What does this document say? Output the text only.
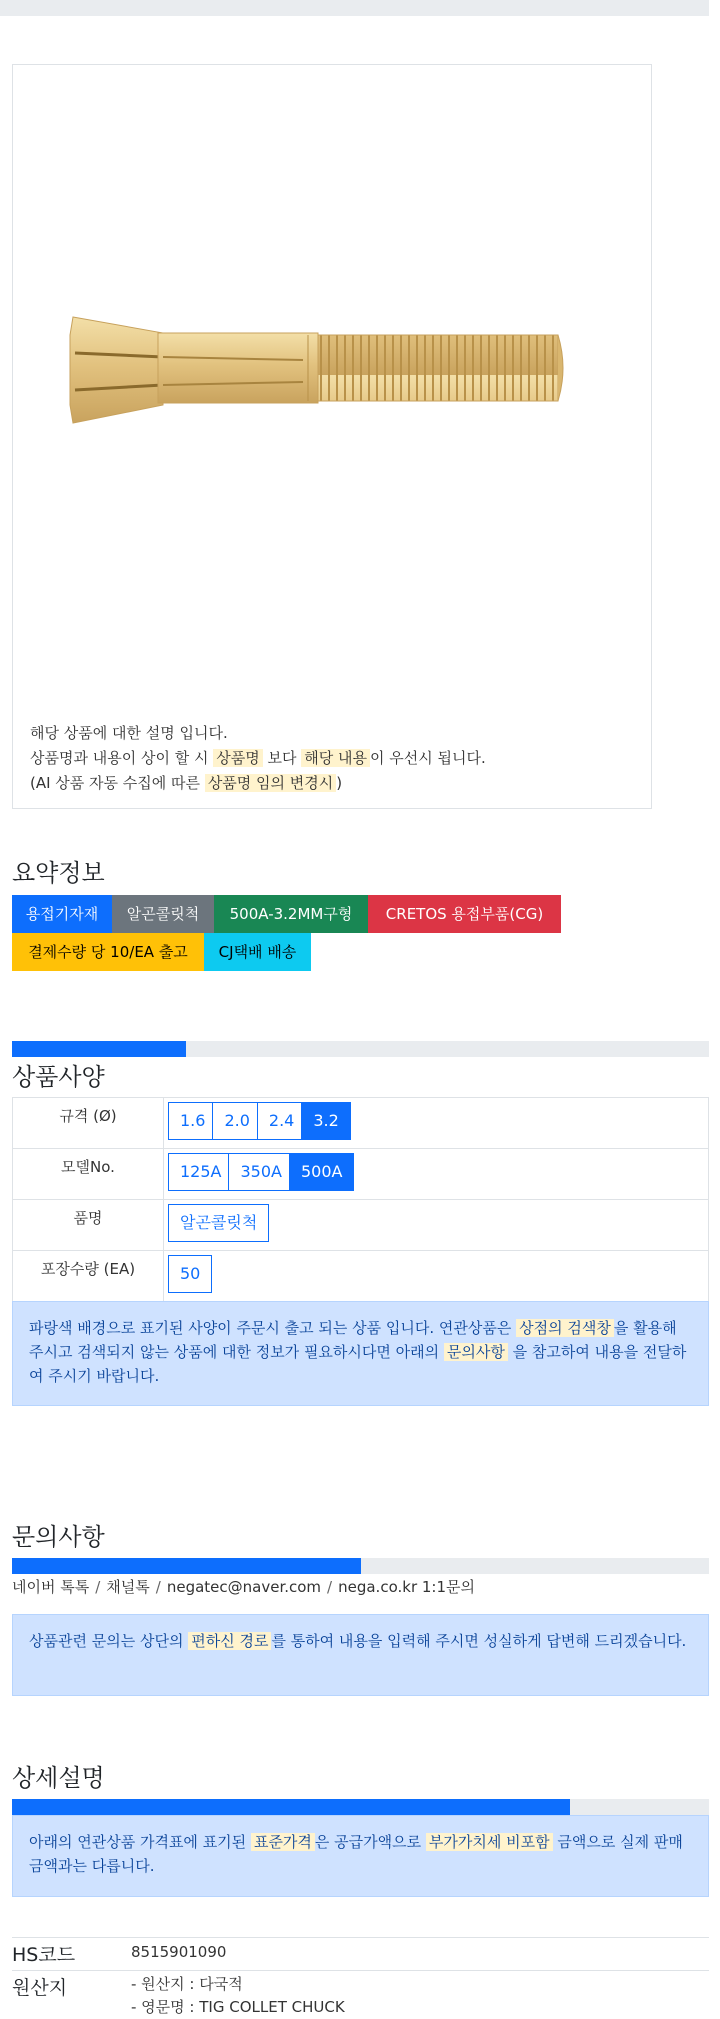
해당 상품에 대한 설명 입니다.
상품명과 내용이 상이 할 시 상품명 보다 해당 내용 이 우선시 됩니다.
(AI 상품 자동 수집에 따른 상품명 임의 변경시 )
요약정보
용접기자재	알곤콜릿척	500A-3.2MM구형	CRETOS 용접부품(CG)
결제수량 당 10/EA 출고	CJ택배 배송
상품사양
규격 (Ø)	1.6 2.0 2.4 3.2
모델No.	125A 350A 500A
품명	알곤콜릿척
포장수량 (EA)	50
파랑색 배경으로 표기된 사양이 주문시 출고 되는 상품 입니다. 연관상품은 상점의 검색창 을 활용해 주시고 검색되지 않는 상품에 대한 정보가 필요하시다면 아래의 문의사항 을 참고하여 내용을 전달하여 주시기 바랍니다.
문의사항
네이버 톡톡 / 채널톡 / negatec@naver.com / nega.co.kr 1:1문의
상품관련 문의는 상단의 편하신 경로 를 통하여 내용을 입력해 주시면 성실하게 답변해 드리겠습니다.
상세설명
아래의 연관상품 가격표에 표기된 표준가격 은 공급가액으로 부가가치세 비포함 금액으로 실제 판매금액과는 다릅니다.
HS코드	8515901090
원산지	- 원산지 : 다국적
- 영문명 : TIG COLLET CHUCK
